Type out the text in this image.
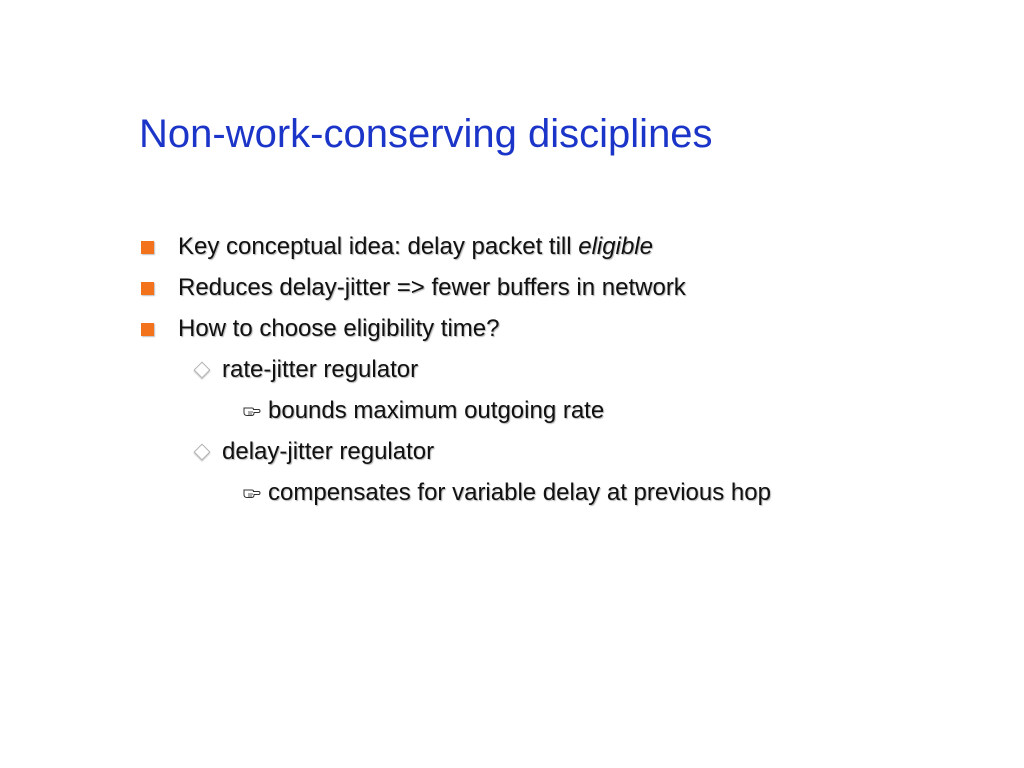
Non-work-conserving disciplines
Key conceptual idea: delay packet till eligible
Reduces delay-jitter => fewer buffers in network
How to choose eligibility time?
rate-jitter regulator
bounds maximum outgoing rate
delay-jitter regulator
compensates for variable delay at previous hop
